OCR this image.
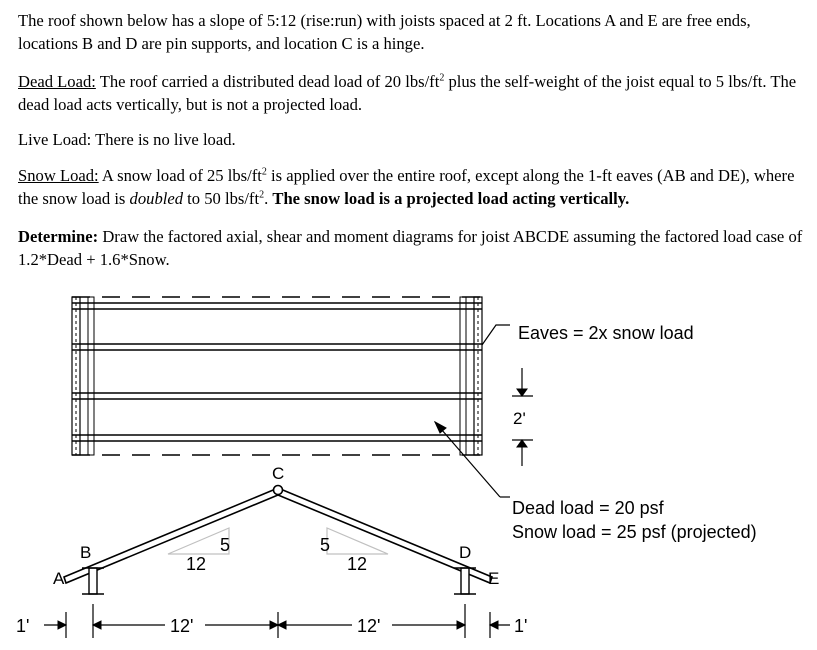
The roof shown below has a slope of 5:12 (rise:run) with joists spaced at 2 ft. Locations A and E are free ends, locations B and D are pin supports, and location C is a hinge.

Dead Load: The roof carried a distributed dead load of 20 lbs/$ft^2$ plus the self-weight of the joist equal to 5 lbs/ft. The dead load acts vertically, but is not a projected load.

Live Load: There is no live load.

Snow Load: A snow load of 25 lbs/$ft^2$ is applied over the entire roof, except along the 1-ft eaves (AB and DE), where the snow load is doubled to 50 lbs/$ft^2$. The snow load is a projected load acting vertically.

Determine: Draw the factored axial, shear and moment diagrams for joist ABCDE assuming the factored load case of 1.2*Dead + 1.6*Snow.

2'
Eaves = 2x snow load
Dead load = 20 psf
Snow load = 25 psf (projected)
B
A
C
D
E
5
12
5
12
1'	12'	12'	1'
